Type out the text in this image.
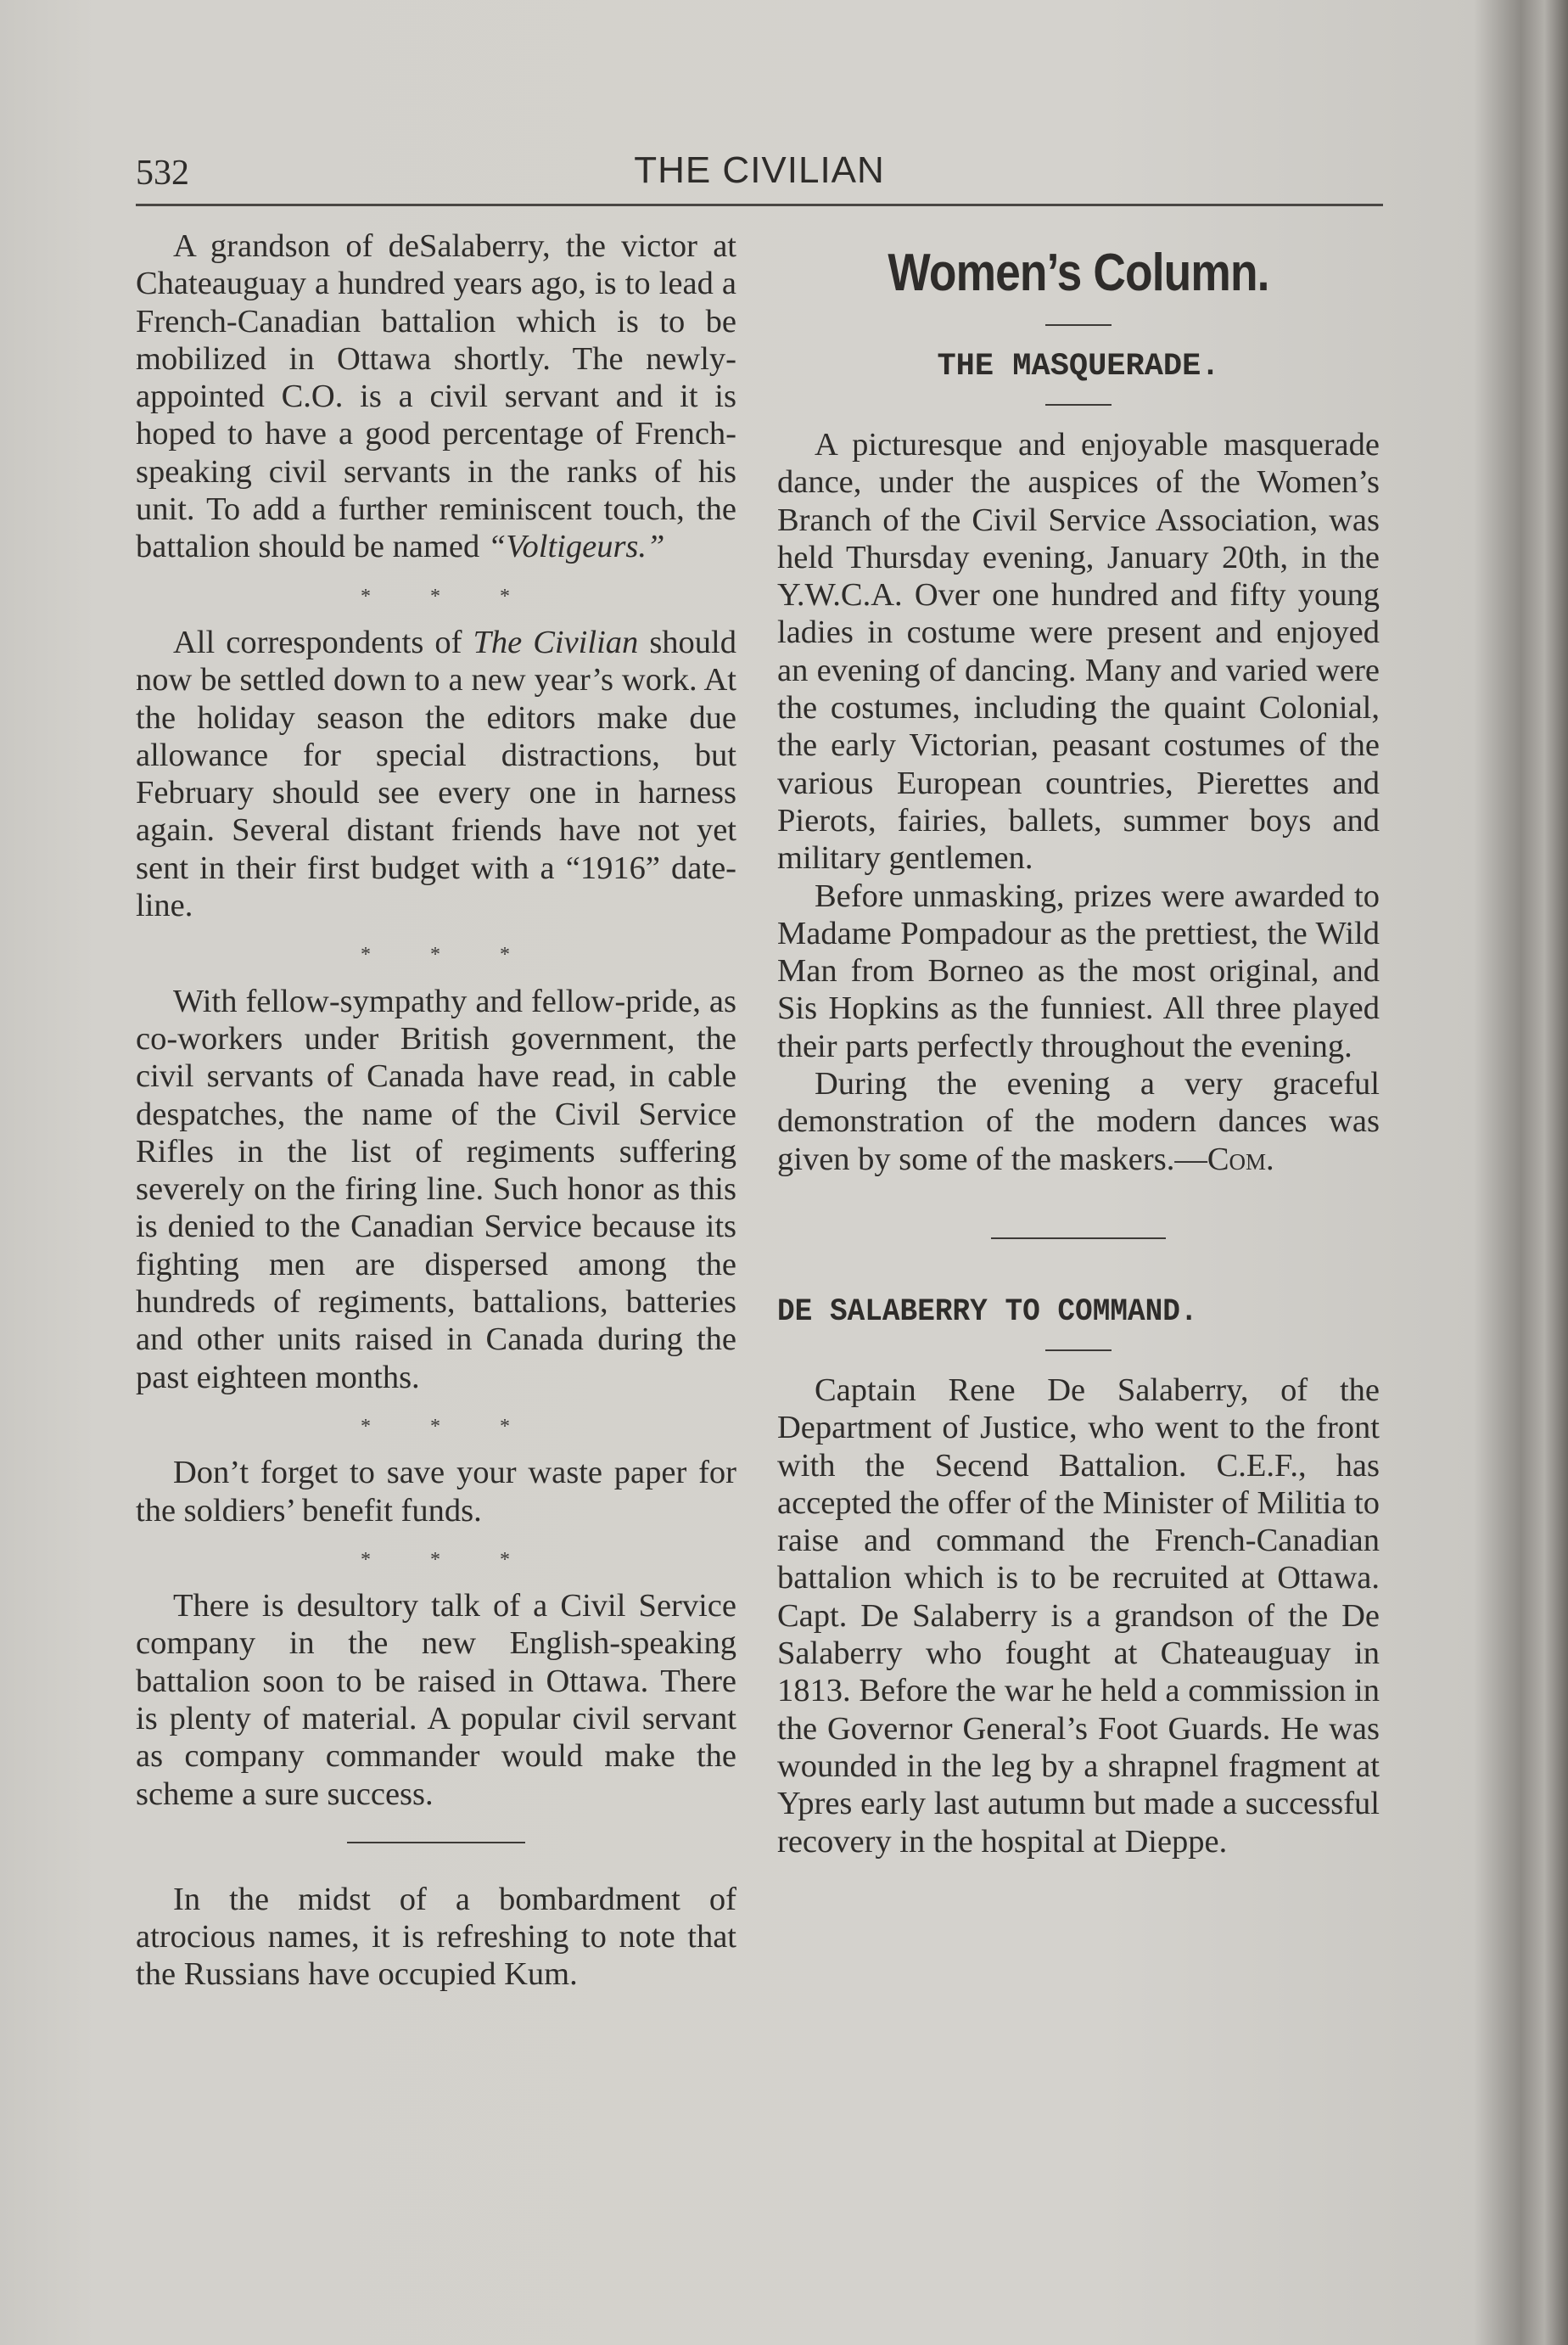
532	THE CIVILIAN

A grandson of deSalaberry, the victor at Chateauguay a hundred years ago, is to lead a French-Canadian battalion which is to be mobilized in Ottawa shortly. The newly-appointed C.O. is a civil servant and it is hoped to have a good percentage of French-speaking civil servants in the ranks of his unit. To add a further reminiscent touch, the battalion should be named “Voltigeurs.”

* * *

All correspondents of The Civilian should now be settled down to a new year’s work. At the holiday season the editors make due allowance for special distractions, but February should see every one in harness again. Several distant friends have not yet sent in their first budget with a “1916” date-line.

* * *

With fellow-sympathy and fellow-pride, as co-workers under British government, the civil servants of Canada have read, in cable despatches, the name of the Civil Service Rifles in the list of regiments suffering severely on the firing line. Such honor as this is denied to the Canadian Service because its fighting men are dispersed among the hundreds of regiments, battalions, batteries and other units raised in Canada during the past eighteen months.

* * *

Don’t forget to save your waste paper for the soldiers’ benefit funds.

* * *

There is desultory talk of a Civil Service company in the new English-speaking battalion soon to be raised in Ottawa. There is plenty of material. A popular civil servant as company commander would make the scheme a sure success.

In the midst of a bombardment of atrocious names, it is refreshing to note that the Russians have occupied Kum.

Women’s Column.
THE MASQUERADE.

A picturesque and enjoyable masquerade dance, under the auspices of the Women’s Branch of the Civil Service Association, was held Thursday evening, January 20th, in the Y.W.C.A. Over one hundred and fifty young ladies in costume were present and enjoyed an evening of dancing. Many and varied were the costumes, including the quaint Colonial, the early Victorian, peasant costumes of the various European countries, Pierettes and Pierots, fairies, ballets, summer boys and military gentlemen.

Before unmasking, prizes were awarded to Madame Pompadour as the prettiest, the Wild Man from Borneo as the most original, and Sis Hopkins as the funniest. All three played their parts perfectly throughout the evening.

During the evening a very graceful demonstration of the modern dances was given by some of the maskers.—Com.

DE SALABERRY TO COMMAND.

Captain Rene De Salaberry, of the Department of Justice, who went to the front with the Secend Battalion. C.E.F., has accepted the offer of the Minister of Militia to raise and command the French-Canadian battalion which is to be recruited at Ottawa. Capt. De Salaberry is a grandson of the De Salaberry who fought at Chateauguay in 1813. Before the war he held a commission in the Governor General’s Foot Guards. He was wounded in the leg by a shrapnel fragment at Ypres early last autumn but made a successful recovery in the hospital at Dieppe.
